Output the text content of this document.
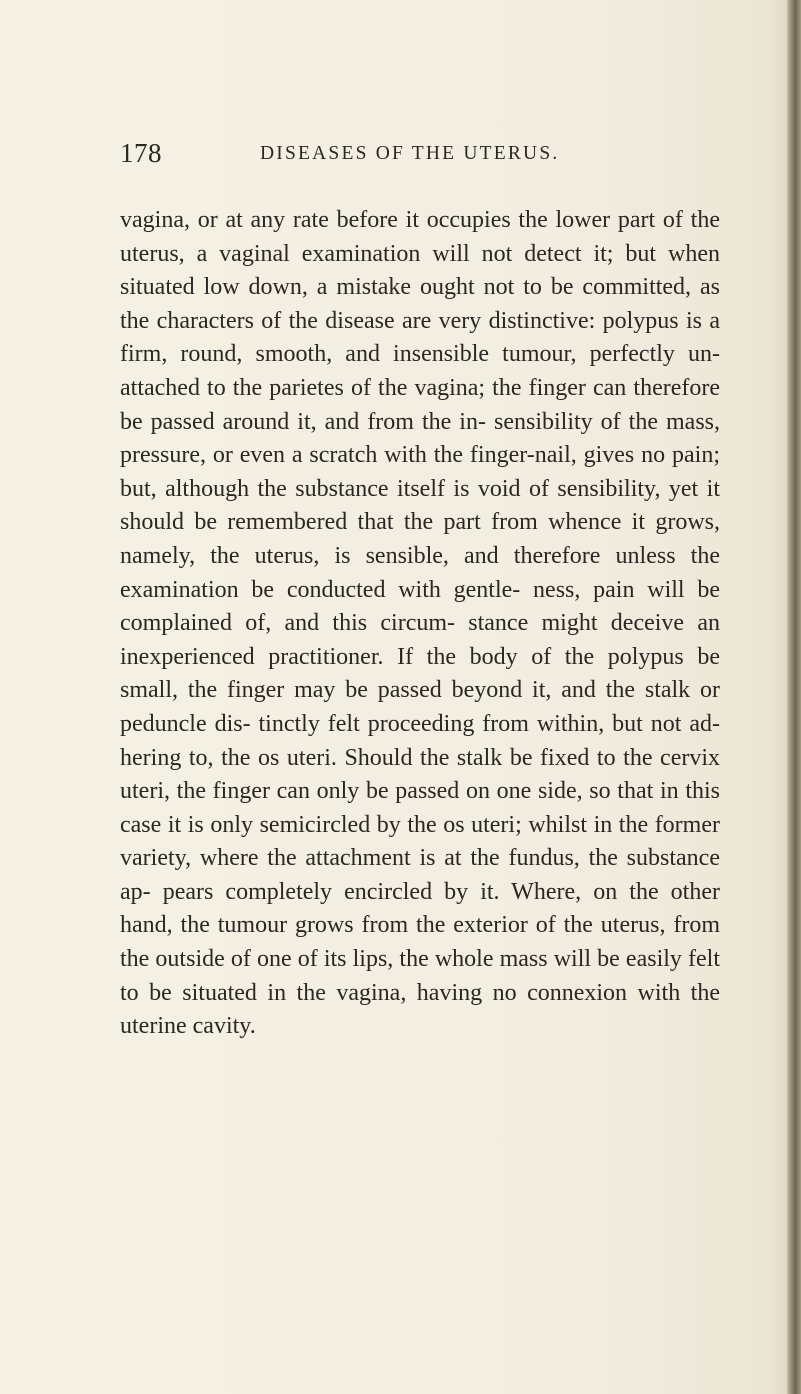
178	DISEASES OF THE UTERUS.

vagina, or at any rate before it occupies the lower part of the uterus, a vaginal examination will not detect it; but when situated low down, a mistake ought not to be committed, as the characters of the disease are very distinctive: polypus is a firm, round, smooth, and insensible tumour, perfectly un- attached to the parietes of the vagina; the finger can therefore be passed around it, and from the in- sensibility of the mass, pressure, or even a scratch with the finger-nail, gives no pain; but, although the substance itself is void of sensibility, yet it should be remembered that the part from whence it grows, namely, the uterus, is sensible, and therefore unless the examination be conducted with gentle- ness, pain will be complained of, and this circum- stance might deceive an inexperienced practitioner. If the body of the polypus be small, the finger may be passed beyond it, and the stalk or peduncle dis- tinctly felt proceeding from within, but not ad- hering to, the os uteri. Should the stalk be fixed to the cervix uteri, the finger can only be passed on one side, so that in this case it is only semicircled by the os uteri; whilst in the former variety, where the attachment is at the fundus, the substance ap- pears completely encircled by it. Where, on the other hand, the tumour grows from the exterior of the uterus, from the outside of one of its lips, the whole mass will be easily felt to be situated in the vagina, having no connexion with the uterine cavity.
